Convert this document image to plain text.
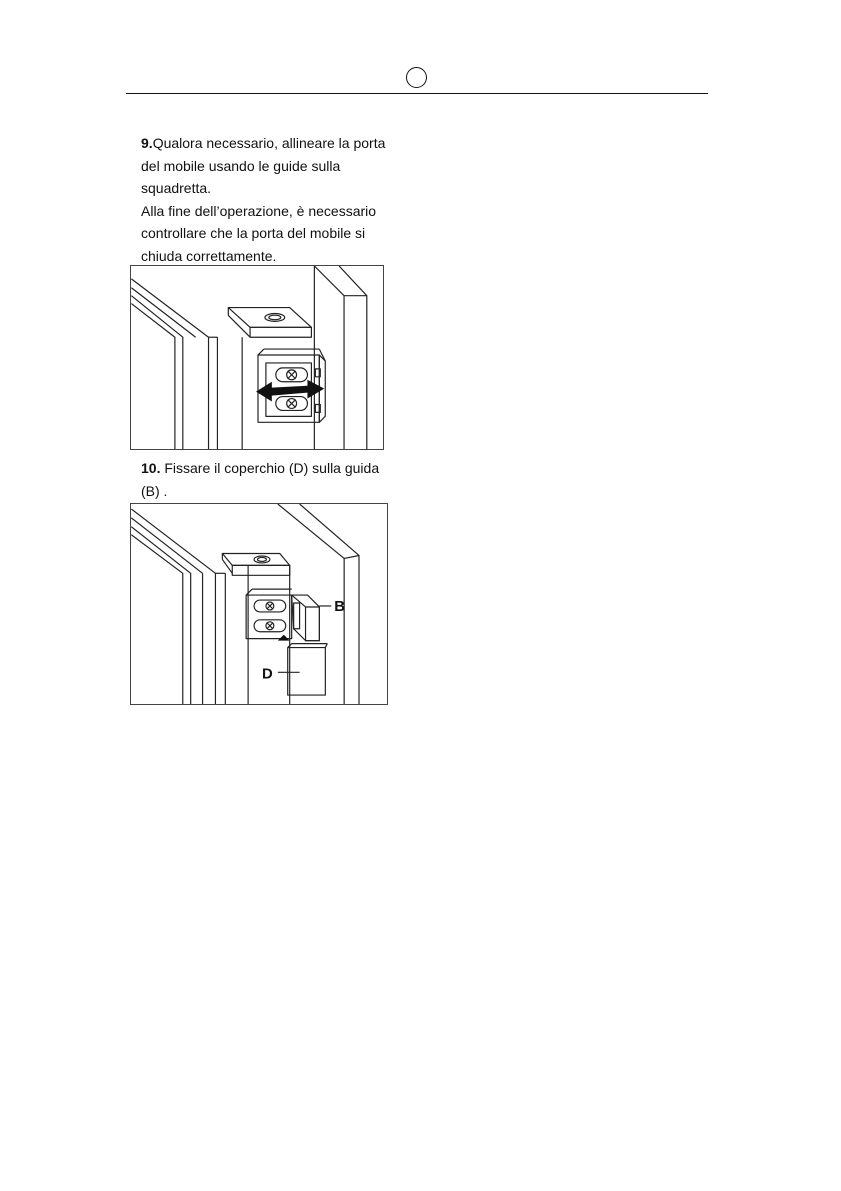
9.Qualora necessario, allineare la porta
del mobile usando le guide sulla
squadretta.
Alla fine dell’operazione, è necessario
controllare che la porta del mobile si
chiuda correttamente.
10. Fissare il coperchio (D) sulla guida
(B) .
B
D
